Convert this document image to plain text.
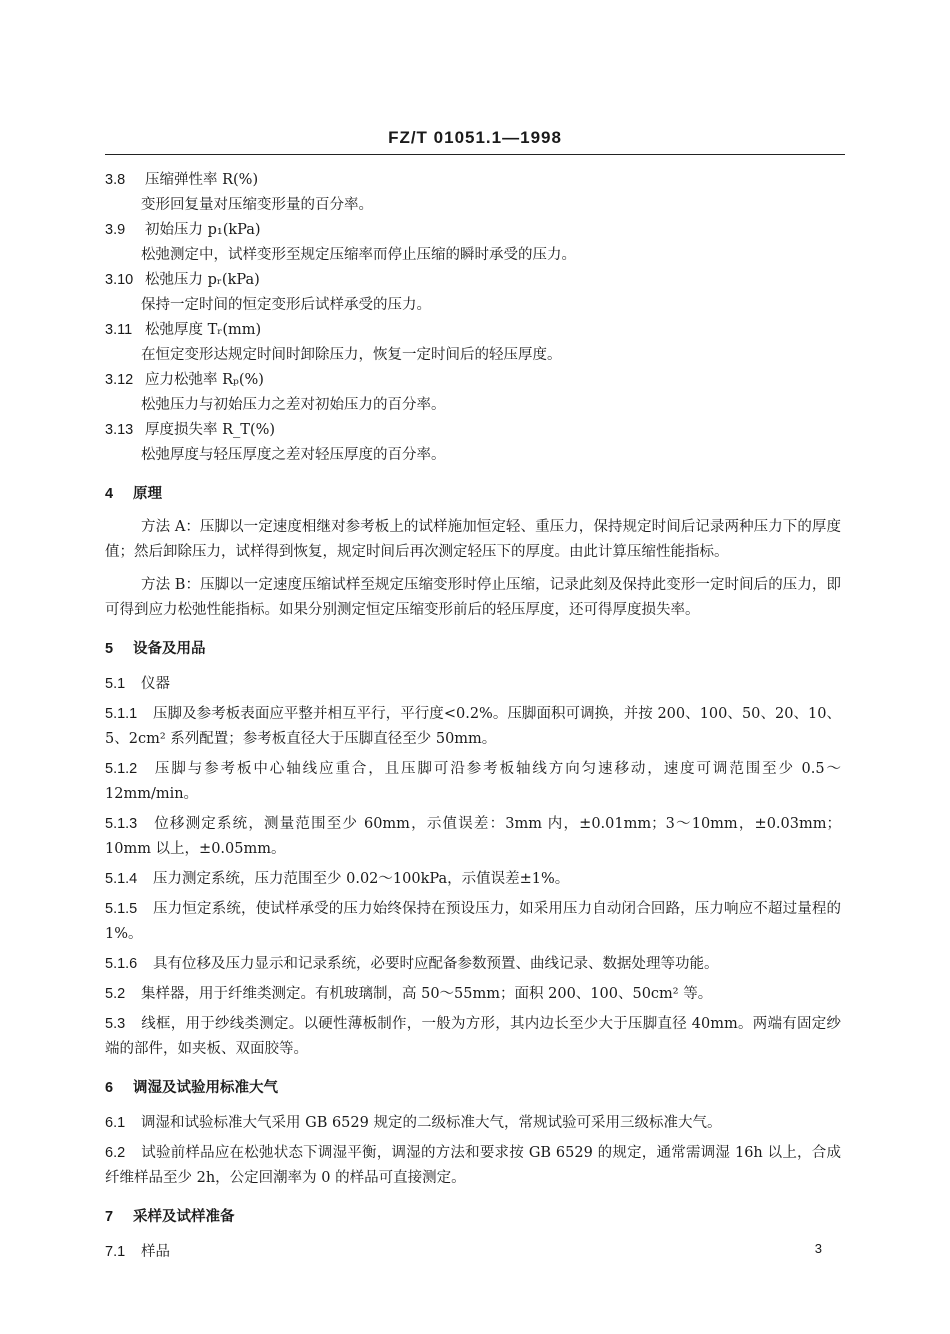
FZ/T 01051.1—1998
3.8 压缩弹性率 R(%)
变形回复量对压缩变形量的百分率。
3.9 初始压力 p₁(kPa)
松弛测定中，试样变形至规定压缩率而停止压缩的瞬时承受的压力。
3.10 松弛压力 pᵣ(kPa)
保持一定时间的恒定变形后试样承受的压力。
3.11 松弛厚度 Tᵣ(mm)
在恒定变形达规定时间时卸除压力，恢复一定时间后的轻压厚度。
3.12 应力松弛率 Rₚ(%)
松弛压力与初始压力之差对初始压力的百分率。
3.13 厚度损失率 R_T(%)
松弛厚度与轻压厚度之差对轻压厚度的百分率。
4 原理
方法 A：压脚以一定速度相继对参考板上的试样施加恒定轻、重压力，保持规定时间后记录两种压力下的厚度值；然后卸除压力，试样得到恢复，规定时间后再次测定轻压下的厚度。由此计算压缩性能指标。
方法 B：压脚以一定速度压缩试样至规定压缩变形时停止压缩，记录此刻及保持此变形一定时间后的压力，即可得到应力松弛性能指标。如果分别测定恒定压缩变形前后的轻压厚度，还可得厚度损失率。
5 设备及用品
5.1 仪器
5.1.1 压脚及参考板表面应平整并相互平行，平行度<0.2%。压脚面积可调换，并按 200、100、50、20、10、5、2cm² 系列配置；参考板直径大于压脚直径至少 50mm。
5.1.2 压脚与参考板中心轴线应重合，且压脚可沿参考板轴线方向匀速移动，速度可调范围至少 0.5～12mm/min。
5.1.3 位移测定系统，测量范围至少 60mm，示值误差：3mm 内，±0.01mm；3～10mm，±0.03mm；10mm 以上，±0.05mm。
5.1.4 压力测定系统，压力范围至少 0.02～100kPa，示值误差±1%。
5.1.5 压力恒定系统，使试样承受的压力始终保持在预设压力，如采用压力自动闭合回路，压力响应不超过量程的 1%。
5.1.6 具有位移及压力显示和记录系统，必要时应配备参数预置、曲线记录、数据处理等功能。
5.2 集样器，用于纤维类测定。有机玻璃制，高 50～55mm；面积 200、100、50cm² 等。
5.3 线框，用于纱线类测定。以硬性薄板制作，一般为方形，其内边长至少大于压脚直径 40mm。两端有固定纱端的部件，如夹板、双面胶等。
6 调湿及试验用标准大气
6.1 调湿和试验标准大气采用 GB 6529 规定的二级标准大气，常规试验可采用三级标准大气。
6.2 试验前样品应在松弛状态下调湿平衡，调湿的方法和要求按 GB 6529 的规定，通常需调湿 16h 以上，合成纤维样品至少 2h，公定回潮率为 0 的样品可直接测定。
7 采样及试样准备
7.1 样品	3
